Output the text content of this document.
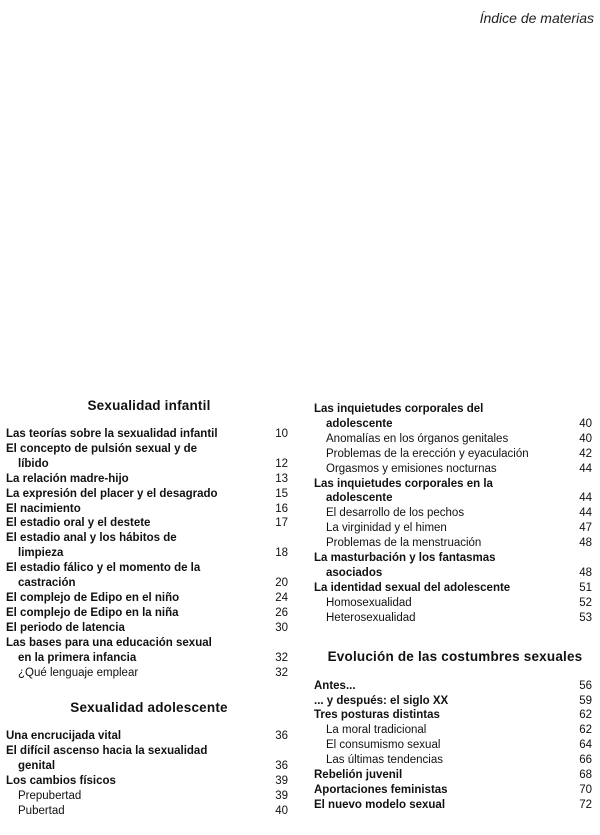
Índice de materias
Sexualidad infantil
Las teorías sobre la sexualidad infantil	10
El concepto de pulsión sexual y de
líbido	12
La relación madre-hijo	13
La expresión del placer y el desagrado	15
El nacimiento	16
El estadio oral y el destete	17
El estadio anal y los hábitos de
limpieza	18
El estadio fálico y el momento de la
castración	20
El complejo de Edipo en el niño	24
El complejo de Edipo en la niña	26
El periodo de latencia	30
Las bases para una educación sexual
en la primera infancia	32
¿Qué lenguaje emplear	32
Sexualidad adolescente
Una encrucijada vital	36
El difícil ascenso hacia la sexualidad
genital	36
Los cambios físicos	39
Prepubertad	39
Pubertad	40
Las inquietudes corporales del
adolescente	40
Anomalías en los órganos genitales	40
Problemas de la erección y eyaculación	42
Orgasmos y emisiones nocturnas	44
Las inquietudes corporales en la
adolescente	44
El desarrollo de los pechos	44
La virginidad y el himen	47
Problemas de la menstruación	48
La masturbación y los fantasmas
asociados	48
La identidad sexual del adolescente	51
Homosexualidad	52
Heterosexualidad	53
Evolución de las costumbres sexuales
Antes...	56
... y después: el siglo XX	59
Tres posturas distintas	62
La moral tradicional	62
El consumismo sexual	64
Las últimas tendencias	66
Rebelión juvenil	68
Aportaciones feministas	70
El nuevo modelo sexual	72
